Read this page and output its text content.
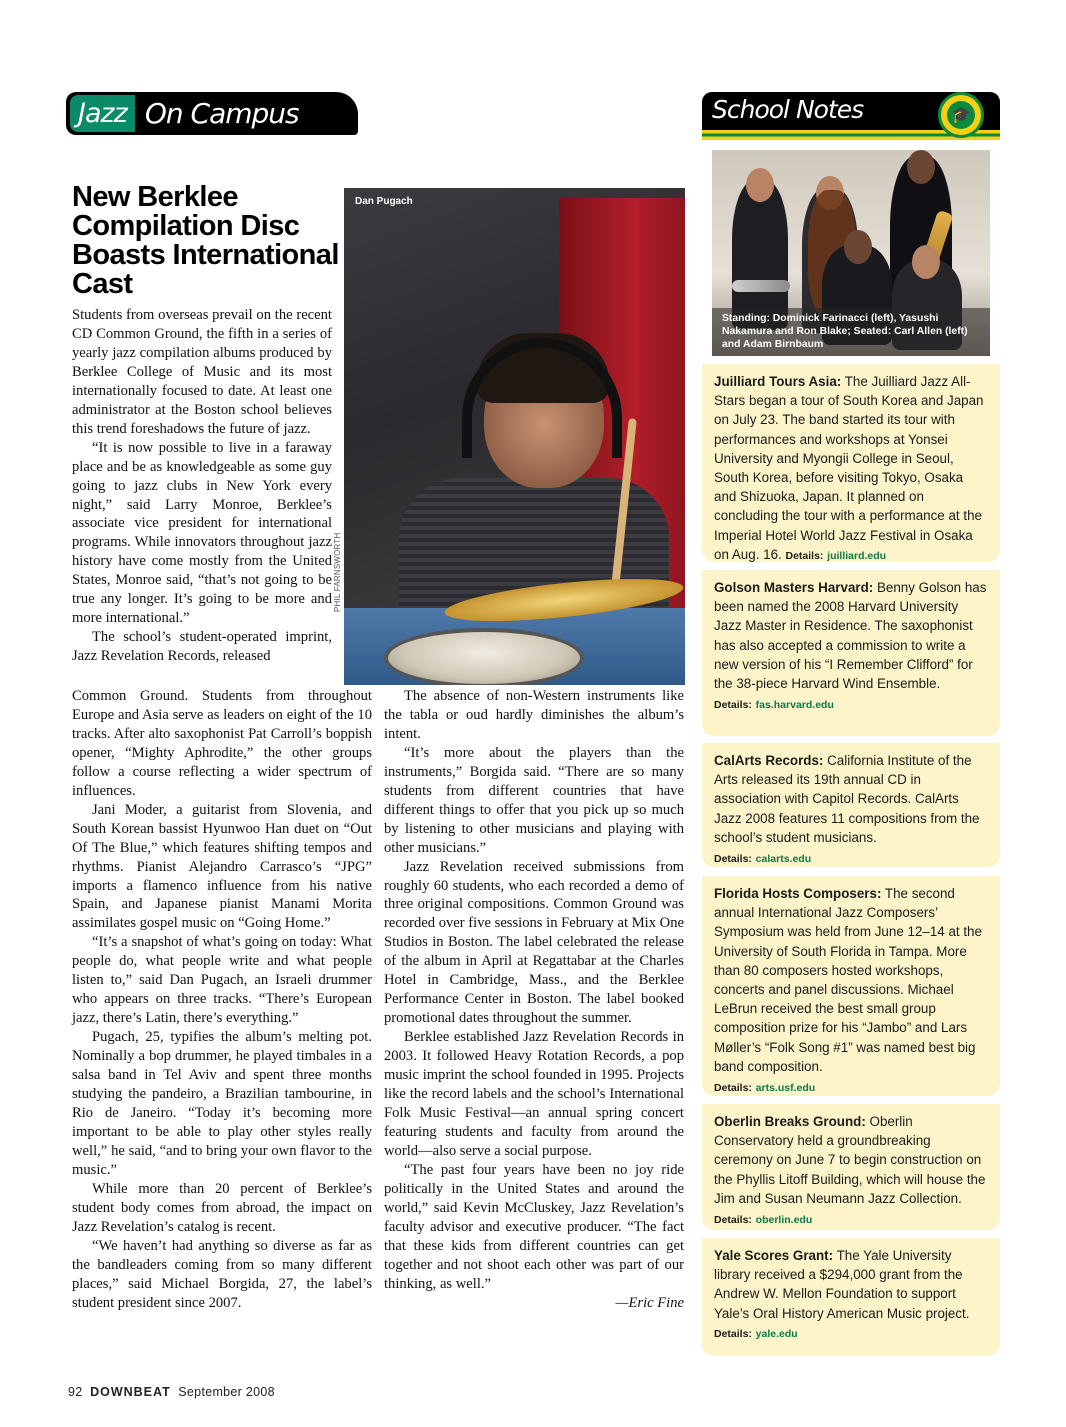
Jazz On Campus	School Notes	🎓
New Berklee Compilation Disc Boasts International Cast

Students from overseas prevail on the recent CD Common Ground, the fifth in a series of yearly jazz compilation albums produced by Berklee College of Music and its most internationally focused to date. At least one administrator at the Boston school believes this trend foreshadows the future of jazz.

“It is now possible to live in a faraway place and be as knowledgeable as some guy going to jazz clubs in New York every night,” said Larry Monroe, Berklee’s associate vice president for international programs. While innovators throughout jazz history have come mostly from the United States, Monroe said, “that’s not going to be true any longer. It’s going to be more and more international.”

The school’s student-operated imprint, Jazz Revelation Records, released

Dan Pugach
PHIL FARNSWORTH

Common Ground. Students from throughout Europe and Asia serve as leaders on eight of the 10 tracks. After alto saxophonist Pat Carroll’s boppish opener, “Mighty Aphrodite,” the other groups follow a course reflecting a wider spectrum of influences.

Jani Moder, a guitarist from Slovenia, and South Korean bassist Hyunwoo Han duet on “Out Of The Blue,” which features shifting tempos and rhythms. Pianist Alejandro Carrasco’s “JPG” imports a flamenco influence from his native Spain, and Japanese pianist Manami Morita assimilates gospel music on “Going Home.”

“It’s a snapshot of what’s going on today: What people do, what people write and what people listen to,” said Dan Pugach, an Israeli drummer who appears on three tracks. “There’s European jazz, there’s Latin, there’s everything.”

Pugach, 25, typifies the album’s melting pot. Nominally a bop drummer, he played timbales in a salsa band in Tel Aviv and spent three months studying the pandeiro, a Brazilian tambourine, in Rio de Janeiro. “Today it’s becoming more important to be able to play other styles really well,” he said, “and to bring your own flavor to the music.”

While more than 20 percent of Berklee’s student body comes from abroad, the impact on Jazz Revelation’s catalog is recent.

“We haven’t had anything so diverse as far as the bandleaders coming from so many different places,” said Michael Borgida, 27, the label’s student president since 2007.

The absence of non-Western instruments like the tabla or oud hardly diminishes the album’s intent.

“It’s more about the players than the instruments,” Borgida said. “There are so many students from different countries that have different things to offer that you pick up so much by listening to other musicians and playing with other musicians.”

Jazz Revelation received submissions from roughly 60 students, who each recorded a demo of three original compositions. Common Ground was recorded over five sessions in February at Mix One Studios in Boston. The label celebrated the release of the album in April at Regattabar at the Charles Hotel in Cambridge, Mass., and the Berklee Performance Center in Boston. The label booked promotional dates throughout the summer.

Berklee established Jazz Revelation Records in 2003. It followed Heavy Rotation Records, a pop music imprint the school founded in 1995. Projects like the record labels and the school’s International Folk Music Festival—an annual spring concert featuring students and faculty from around the world—also serve a social purpose.

“The past four years have been no joy ride politically in the United States and around the world,” said Kevin McCluskey, Jazz Revelation’s faculty advisor and executive producer. “The fact that these kids from different countries can get together and not shoot each other was part of our thinking, as well.”

—Eric Fine

Standing: Dominick Farinacci (left), Yasushi Nakamura and Ron Blake; Seated: Carl Allen (left) and Adam Birnbaum
Juilliard Tours Asia: The Juilliard Jazz All-Stars began a tour of South Korea and Japan on July 23. The band started its tour with performances and workshops at Yonsei University and Myongii College in Seoul, South Korea, before visiting Tokyo, Osaka and Shizuoka, Japan. It planned on concluding the tour with a performance at the Imperial Hotel World Jazz Festival in Osaka on Aug. 16. Details: juilliard.edu
Golson Masters Harvard: Benny Golson has been named the 2008 Harvard University Jazz Master in Residence. The saxophonist has also accepted a commission to write a new version of his “I Remember Clifford” for the 38-piece Harvard Wind Ensemble.
Details: fas.harvard.edu
CalArts Records: California Institute of the Arts released its 19th annual CD in association with Capitol Records. CalArts Jazz 2008 features 11 compositions from the school’s student musicians.
Details: calarts.edu
Florida Hosts Composers: The second annual International Jazz Composers’ Symposium was held from June 12–14 at the University of South Florida in Tampa. More than 80 composers hosted workshops, concerts and panel discussions. Michael LeBrun received the best small group composition prize for his “Jambo” and Lars Møller’s “Folk Song #1” was named best big band composition.
Details: arts.usf.edu
Oberlin Breaks Ground: Oberlin Conservatory held a groundbreaking ceremony on June 7 to begin construction on the Phyllis Litoff Building, which will house the Jim and Susan Neumann Jazz Collection.
Details: oberlin.edu
Yale Scores Grant: The Yale University library received a $294,000 grant from the Andrew W. Mellon Foundation to support Yale’s Oral History American Music project. Details: yale.edu
92 DOWNBEAT September 2008
